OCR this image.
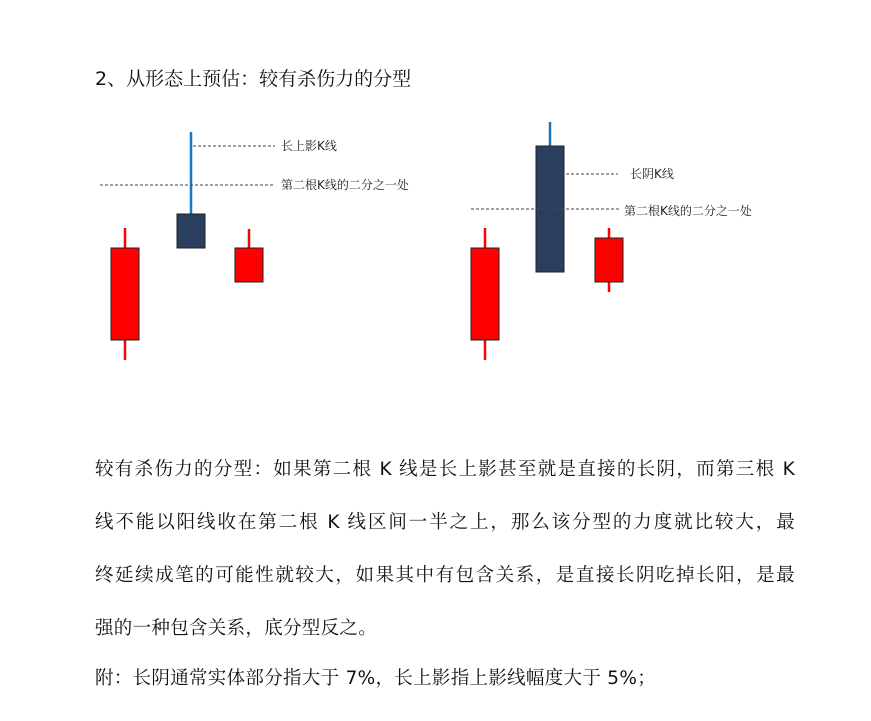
2、从形态上预估：较有杀伤力的分型
长上影K线
第二根K线的二分之一处
长阴K线
第二根K线的二分之一处
较有杀伤力的分型：如果第二根 K 线是长上影甚至就是直接的长阴，而第三根 K
线不能以阳线收在第二根 K 线区间一半之上，那么该分型的力度就比较大，最
终延续成笔的可能性就较大，如果其中有包含关系，是直接长阴吃掉长阳，是最
强的一种包含关系，底分型反之。
附：长阴通常实体部分指大于 7%，长上影指上影线幅度大于 5%；
